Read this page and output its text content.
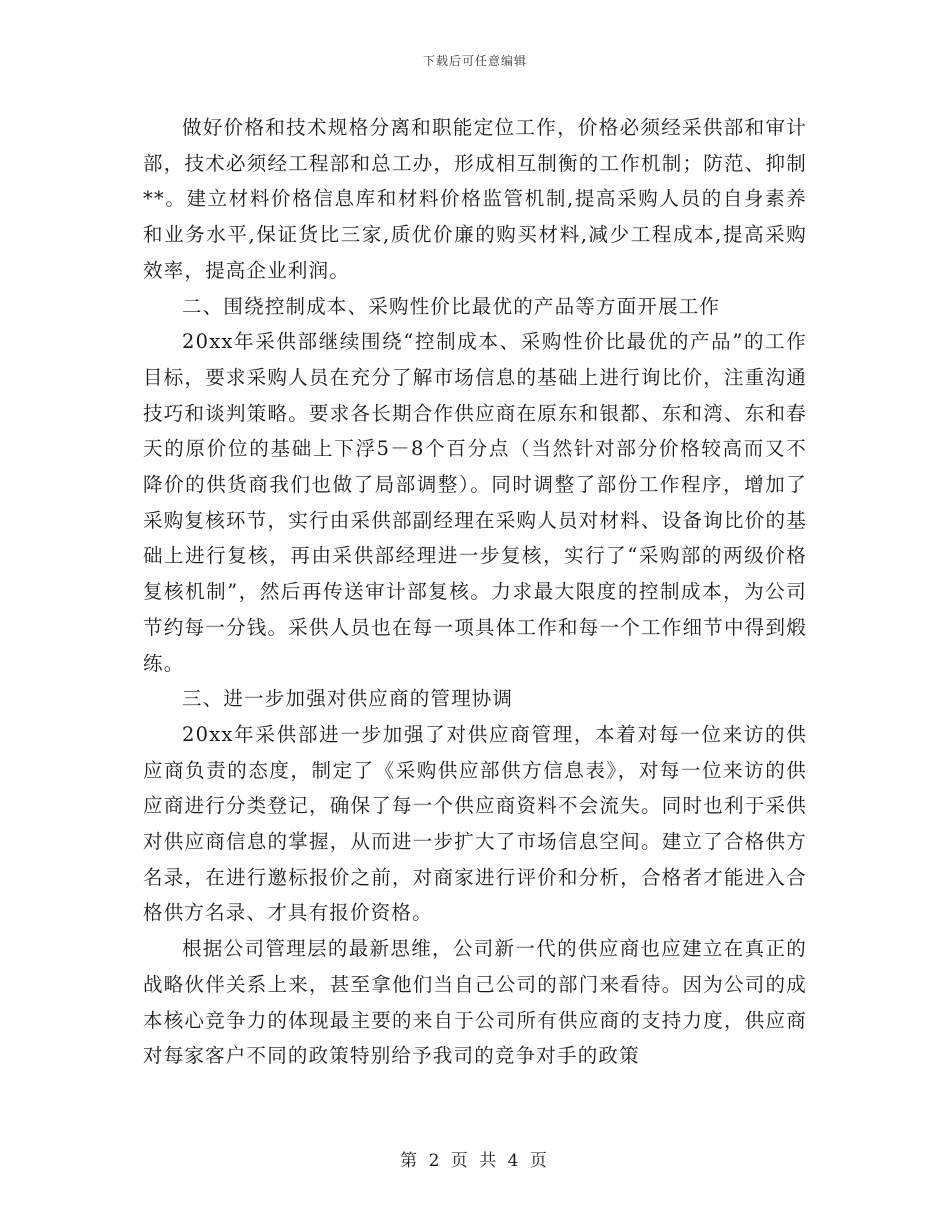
下载后可任意编辑

做好价格和技术规格分离和职能定位工作，价格必须经采供部和审计部，技术必须经工程部和总工办，形成相互制衡的工作机制；防范、抑制**。建立材料价格信息库和材料价格监管机制,提高采购人员的自身素养和业务水平,保证货比三家,质优价廉的购买材料,减少工程成本,提高采购效率，提高企业利润。

二、围绕控制成本、采购性价比最优的产品等方面开展工作

20xx年采供部继续围绕“控制成本、采购性价比最优的产品”的工作目标，要求采购人员在充分了解市场信息的基础上进行询比价，注重沟通技巧和谈判策略。要求各长期合作供应商在原东和银都、东和湾、东和春天的原价位的基础上下浮5－8个百分点（当然针对部分价格较高而又不降价的供货商我们也做了局部调整）。同时调整了部份工作程序，增加了采购复核环节，实行由采供部副经理在采购人员对材料、设备询比价的基础上进行复核，再由采供部经理进一步复核，实行了“采购部的两级价格复核机制”，然后再传送审计部复核。力求最大限度的控制成本，为公司节约每一分钱。采供人员也在每一项具体工作和每一个工作细节中得到煅练。

三、进一步加强对供应商的管理协调

20xx年采供部进一步加强了对供应商管理，本着对每一位来访的供应商负责的态度，制定了《采购供应部供方信息表》，对每一位来访的供应商进行分类登记，确保了每一个供应商资料不会流失。同时也利于采供对供应商信息的掌握，从而进一步扩大了市场信息空间。建立了合格供方名录，在进行邀标报价之前，对商家进行评价和分析，合格者才能进入合格供方名录、才具有报价资格。

根据公司管理层的最新思维，公司新一代的供应商也应建立在真正的战略伙伴关系上来，甚至拿他们当自己公司的部门来看待。因为公司的成本核心竞争力的体现最主要的来自于公司所有供应商的支持力度，供应商对每家客户不同的政策特别给予我司的竞争对手的政策

第 2 页 共 4 页
